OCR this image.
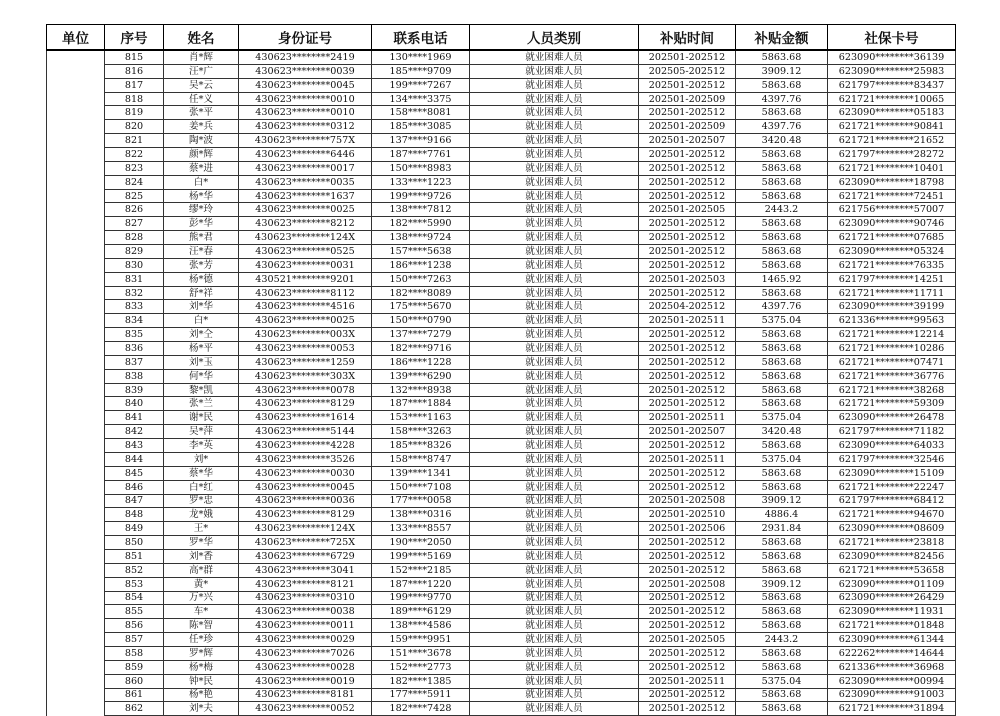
单位	序号	姓名	身份证号	联系电话	人员类别	补贴时间	补贴金额	社保卡号
	815	肖*辉	430623********2419	130****1969	就业困难人员	202501-202512	5863.68	623090********36139
	816	汪*广	430623********0039	185****9709	就业困难人员	202505-202512	3909.12	623090********25983
	817	吴*云	430623********0045	199****7267	就业困难人员	202501-202512	5863.68	621797********83437
	818	任*义	430623********0010	134****3375	就业困难人员	202501-202509	4397.76	621721********10065
	819	张*平	430623********0010	158****8081	就业困难人员	202501-202512	5863.68	623090********05183
	820	姜*兵	430623********0312	185****3085	就业困难人员	202501-202509	4397.76	621721********90841
	821	陶*波	430623********757X	137****9166	就业困难人员	202501-202507	3420.48	621721********21652
	822	颜*辉	430623********6446	187****7761	就业困难人员	202501-202512	5863.68	621797********28272
	823	蔡*进	430623********0017	150****8983	就业困难人员	202501-202512	5863.68	621721********10401
	824	白*	430623********0035	133****1223	就业困难人员	202501-202512	5863.68	623090********18798
	825	杨*华	430623********1637	199****9726	就业困难人员	202501-202512	5863.68	621721********72451
	826	缪*玲	430623********0025	138****7812	就业困难人员	202501-202505	2443.2	621756********57007
	827	彭*华	430623********8212	182****5990	就业困难人员	202501-202512	5863.68	623090********90746
	828	熊*君	430623********124X	138****9724	就业困难人员	202501-202512	5863.68	621721********07685
	829	汪*春	430623********0525	157****5638	就业困难人员	202501-202512	5863.68	623090********05324
	830	张*芳	430623********0031	186****1238	就业困难人员	202501-202512	5863.68	621721********76335
	831	杨*德	430521********9201	150****7263	就业困难人员	202501-202503	1465.92	621797********14251
	832	舒*祥	430623********8112	182****8089	就业困难人员	202501-202512	5863.68	621721********11711
	833	刘*华	430623********4516	175****5670	就业困难人员	202504-202512	4397.76	623090********39199
	834	白*	430623********0025	150****0790	就业困难人员	202501-202511	5375.04	621336********99563
	835	刘*仝	430623********003X	137****7279	就业困难人员	202501-202512	5863.68	621721********12214
	836	杨*平	430623********0053	182****9716	就业困难人员	202501-202512	5863.68	621721********10286
	837	刘*玉	430623********1259	186****1228	就业困难人员	202501-202512	5863.68	621721********07471
	838	何*华	430623********303X	139****6290	就业困难人员	202501-202512	5863.68	621721********36776
	839	黎*凯	430623********0078	132****8938	就业困难人员	202501-202512	5863.68	621721********38268
	840	张*兰	430623********8129	187****1884	就业困难人员	202501-202512	5863.68	621721********59309
	841	谢*民	430623********1614	153****1163	就业困难人员	202501-202511	5375.04	623090********26478
	842	吴*萍	430623********5144	158****3263	就业困难人员	202501-202507	3420.48	621797********71182
	843	李*英	430623********4228	185****8326	就业困难人员	202501-202512	5863.68	623090********64033
	844	刘*	430623********3526	158****8747	就业困难人员	202501-202511	5375.04	621797********32546
	845	蔡*华	430623********0030	139****1341	就业困难人员	202501-202512	5863.68	623090********15109
	846	白*红	430623********0045	150****7108	就业困难人员	202501-202512	5863.68	621721********22247
	847	罗*忠	430623********0036	177****0058	就业困难人员	202501-202508	3909.12	621797********68412
	848	龙*娥	430623********8129	138****0316	就业困难人员	202501-202510	4886.4	621721********94670
	849	王*	430623********124X	133****8557	就业困难人员	202501-202506	2931.84	623090********08609
	850	罗*华	430623********725X	190****2050	就业困难人员	202501-202512	5863.68	621721********23818
	851	刘*香	430623********6729	199****5169	就业困难人员	202501-202512	5863.68	623090********82456
	852	高*群	430623********3041	152****2185	就业困难人员	202501-202512	5863.68	621721********53658
	853	黄*	430623********8121	187****1220	就业困难人员	202501-202508	3909.12	623090********01109
	854	万*兴	430623********0310	199****9770	就业困难人员	202501-202512	5863.68	623090********26429
	855	车*	430623********0038	189****6129	就业困难人员	202501-202512	5863.68	623090********11931
	856	陈*智	430623********0011	138****4586	就业困难人员	202501-202512	5863.68	621721********01848
	857	任*珍	430623********0029	159****9951	就业困难人员	202501-202505	2443.2	623090********61344
	858	罗*辉	430623********7026	151****3678	就业困难人员	202501-202512	5863.68	622262********14644
	859	杨*梅	430623********0028	152****2773	就业困难人员	202501-202512	5863.68	621336********36968
	860	钟*民	430623********0019	182****1385	就业困难人员	202501-202511	5375.04	623090********00994
	861	杨*艳	430623********8181	177****5911	就业困难人员	202501-202512	5863.68	623090********91003
	862	刘*夫	430623********0052	182****7428	就业困难人员	202501-202512	5863.68	621721********31894
